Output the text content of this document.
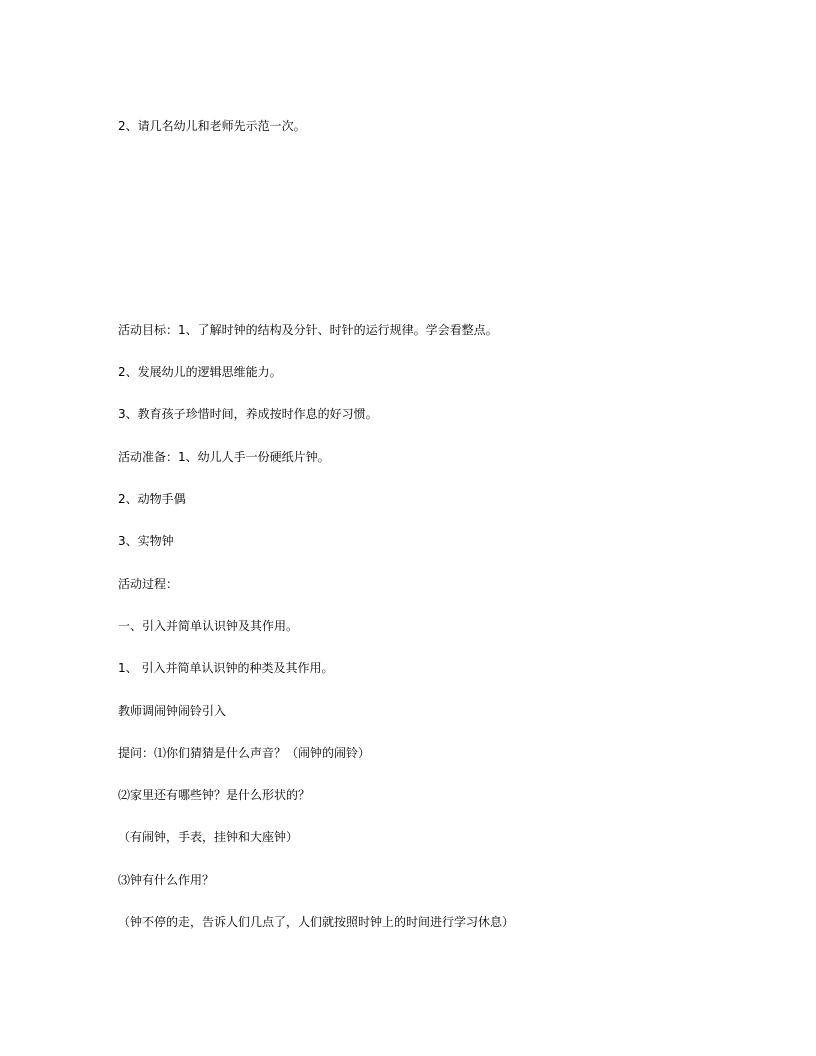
2、请几名幼儿和老师先示范一次。
活动目标：1、了解时钟的结构及分针、时针的运行规律。学会看整点。
2、发展幼儿的逻辑思维能力。
3、教育孩子珍惜时间，养成按时作息的好习惯。
活动准备：1、幼儿人手一份硬纸片钟。
2、动物手偶
3、实物钟
活动过程：
一、引入并简单认识钟及其作用。
1、 引入并简单认识钟的种类及其作用。
教师调闹钟闹铃引入
提问：⑴你们猜猜是什么声音？（闹钟的闹铃）
⑵家里还有哪些钟？是什么形状的？
（有闹钟，手表，挂钟和大座钟）
⑶钟有什么作用？
（钟不停的走，告诉人们几点了，人们就按照时钟上的时间进行学习休息）
